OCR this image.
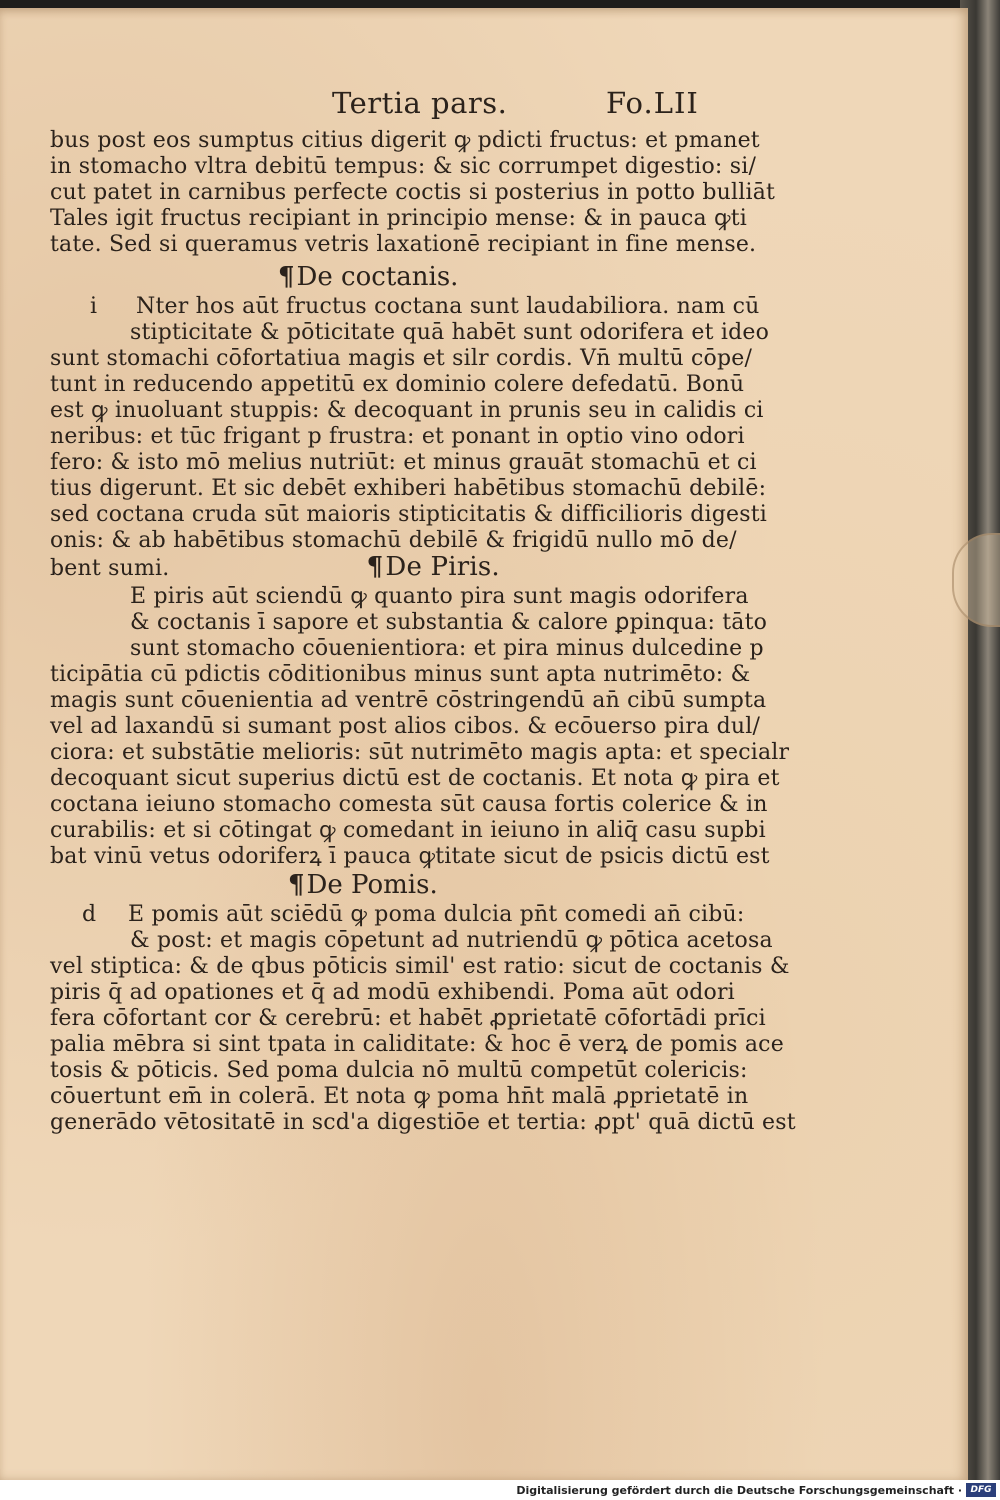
Tertia pars.	Fo.LII
bus post eos sumptus citius digerit ꝙ pdicti fructus: et pmanet
in stomacho vltra debitū tempus: & sic corrumpet digestio: si/
cut patet in carnibus perfecte coctis si posterius in potto bulliāt
Tales igit fructus recipiant in principio mense: & in pauca ꝙti
tate. Sed si queramus vetris laxationē recipiant in fine mense.
¶De coctanis.
i Nter hos aūt fructus coctana sunt laudabiliora. nam cū
stipticitate & pōticitate quā habēt sunt odorifera et ideo
sunt stomachi cōfortatiua magis et silr cordis. Vn̄ multū cōpe/
tunt in reducendo appetitū ex dominio colere defedatū. Bonū
est ꝙ inuoluant stuppis: & decoquant in prunis seu in calidis ci
neribus: et tūc frigant p frustra: et ponant in optio vino odori
fero: & isto mō melius nutriūt: et minus grauāt stomachū et ci
tius digerunt. Et sic debēt exhiberi habētibus stomachū debilē:
sed coctana cruda sūt maioris stipticitatis & difficilioris digesti
onis: & ab habētibus stomachū debilē & frigidū nullo mō de/
bent sumi.	¶De Piris.
E piris aūt sciendū ꝙ quanto pira sunt magis odorifera
& coctanis ī sapore et substantia & calore ꝑpinqua: tāto
sunt stomacho cōuenientiora: et pira minus dulcedine p
ticipātia cū pdictis cōditionibus minus sunt apta nutrimēto: &
magis sunt cōuenientia ad ventrē cōstringendū an̄ cibū sumpta
vel ad laxandū si sumant post alios cibos. & ecōuerso pira dul/
ciora: et substātie melioris: sūt nutrimēto magis apta: et specialr
decoquant sicut superius dictū est de coctanis. Et nota ꝙ pira et
coctana ieiuno stomacho comesta sūt causa fortis colerice & in
curabilis: et si cōtingat ꝙ comedant in ieiuno in aliq̄ casu supbi
bat vinū vetus odoriferꝝ ī pauca ꝙtitate sicut de psicis dictū est
¶De Pomis.
d E pomis aūt sciēdū ꝙ poma dulcia pn̄t comedi an̄ cibū:
& post: et magis cōpetunt ad nutriendū ꝙ pōtica acetosa
vel stiptica: & de qbus pōticis simil' est ratio: sicut de coctanis &
piris q̄ ad opationes et q̄ ad modū exhibendi. Poma aūt odori
fera cōfortant cor & cerebrū: et habēt ꝓprietatē cōfortādi prīci
palia mēbra si sint tpata in caliditate: & hoc ē verꝝ de pomis ace
tosis & pōticis. Sed poma dulcia nō multū competūt colericis:
cōuertunt em̄ in colerā. Et nota ꝙ poma hn̄t malā ꝓprietatē in
generādo vētositatē in scd'a digestiōe et tertia: ꝓpt' quā dictū est
Digitalisierung gefördert durch die Deutsche Forschungsgemeinschaft · DFG
